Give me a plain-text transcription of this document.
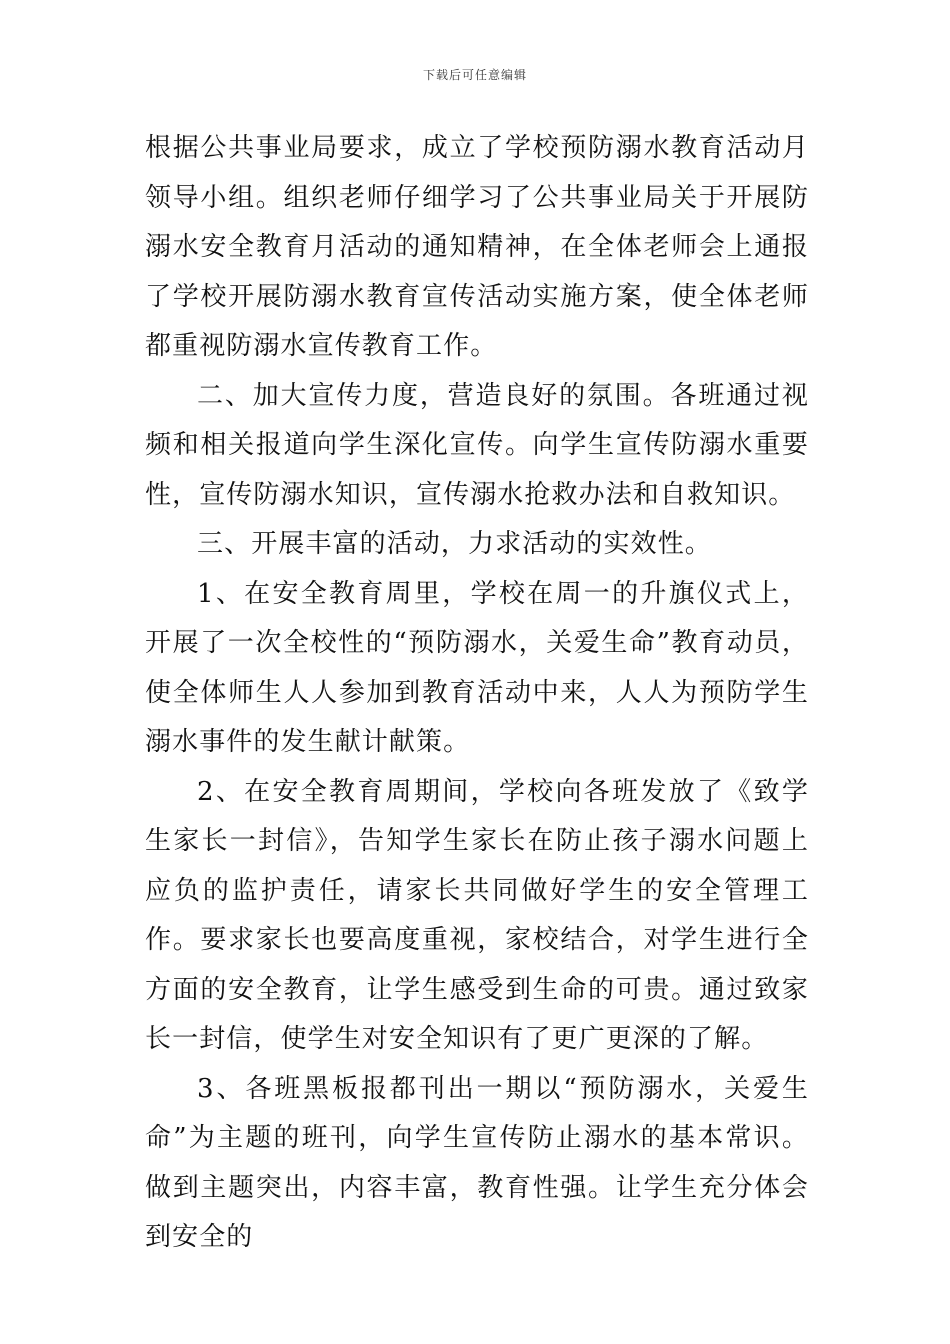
下载后可任意编辑

根据公共事业局要求，成立了学校预防溺水教育活动月领导小组。组织老师仔细学习了公共事业局关于开展防溺水安全教育月活动的通知精神，在全体老师会上通报了学校开展防溺水教育宣传活动实施方案，使全体老师都重视防溺水宣传教育工作。

二、加大宣传力度，营造良好的氛围。各班通过视频和相关报道向学生深化宣传。向学生宣传防溺水重要性，宣传防溺水知识，宣传溺水抢救办法和自救知识。

三、开展丰富的活动，力求活动的实效性。

1、在安全教育周里，学校在周一的升旗仪式上，开展了一次全校性的“预防溺水，关爱生命”教育动员，使全体师生人人参加到教育活动中来，人人为预防学生溺水事件的发生献计献策。

2、在安全教育周期间，学校向各班发放了《致学生家长一封信》，告知学生家长在防止孩子溺水问题上应负的监护责任，请家长共同做好学生的安全管理工作。要求家长也要高度重视，家校结合，对学生进行全方面的安全教育，让学生感受到生命的可贵。通过致家长一封信，使学生对安全知识有了更广更深的了解。

3、各班黑板报都刊出一期以“预防溺水，关爱生命”为主题的班刊，向学生宣传防止溺水的基本常识。做到主题突出，内容丰富，教育性强。让学生充分体会到安全的
